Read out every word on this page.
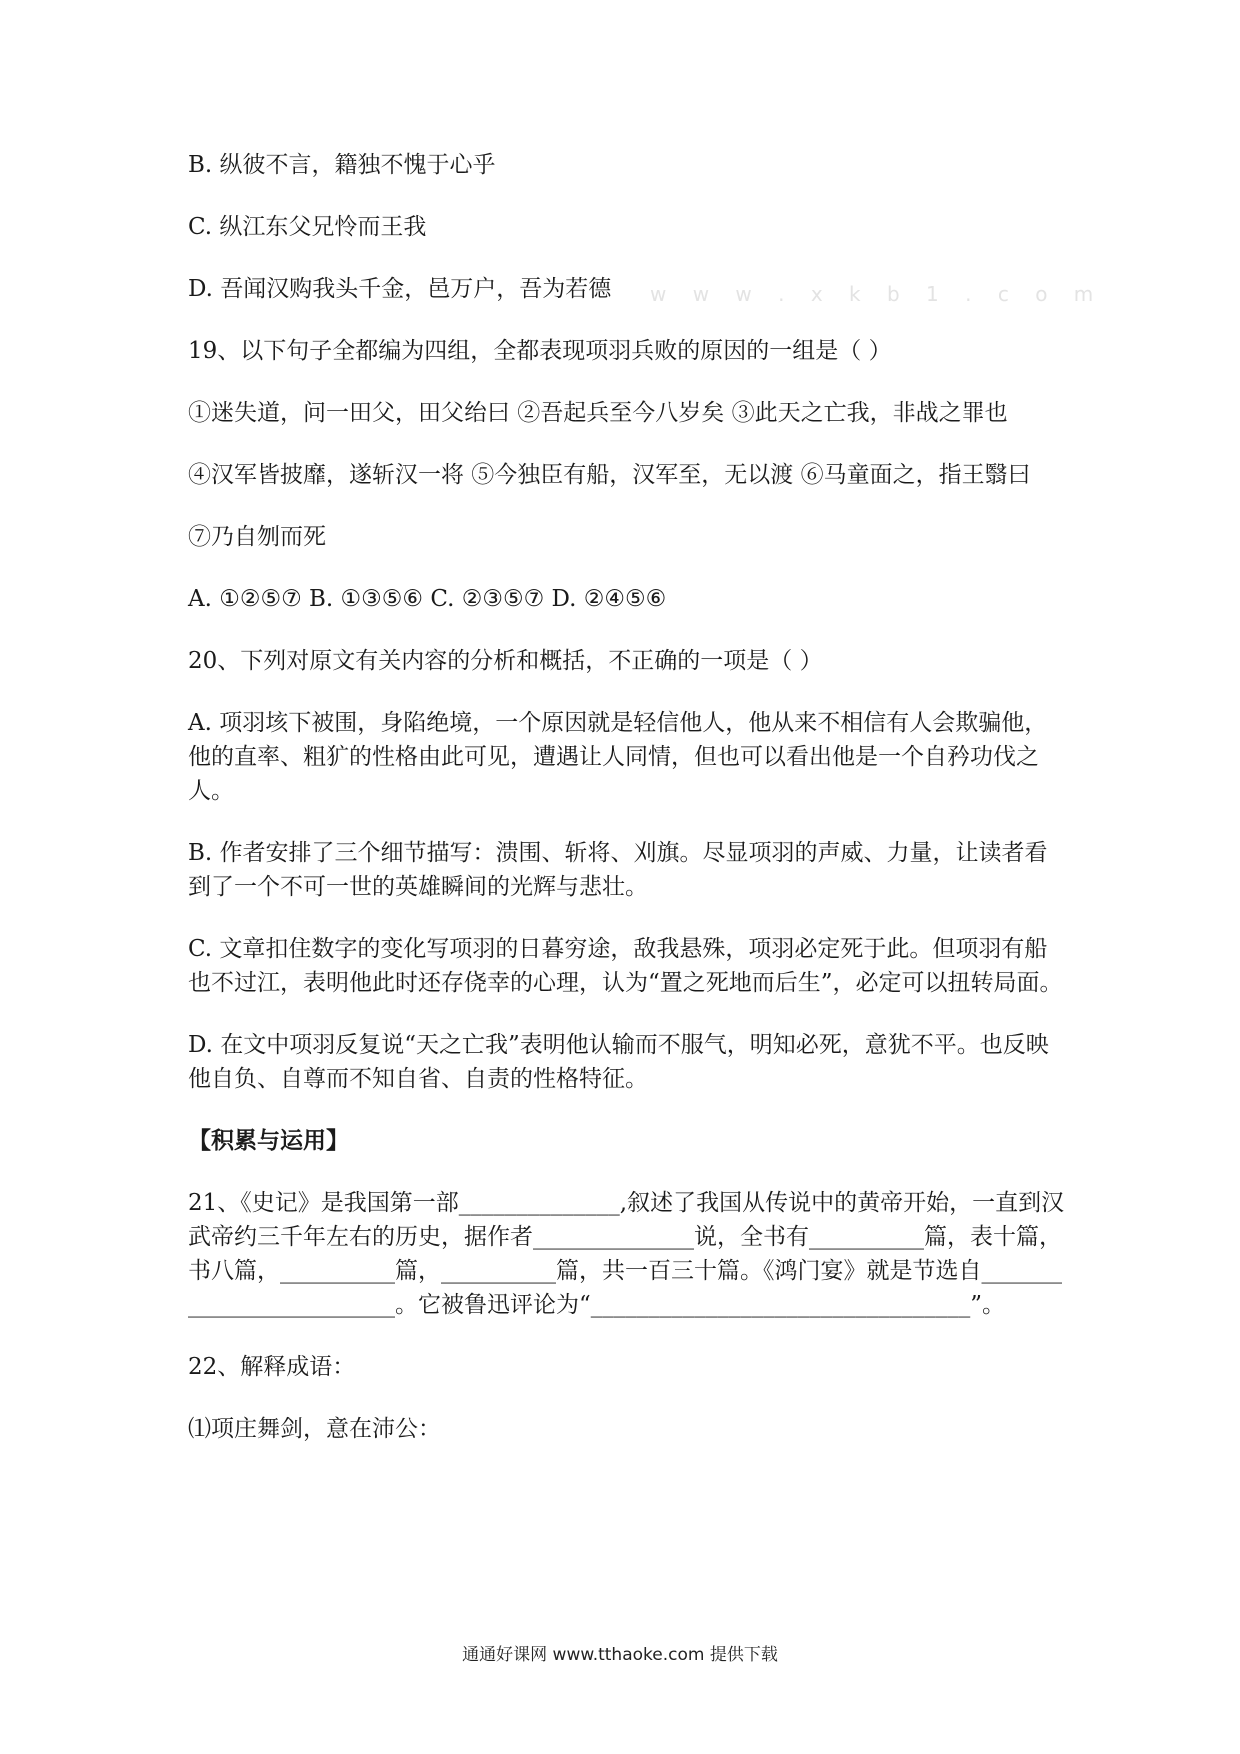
w w w . x k b 1 . c o m

B. 纵彼不言，籍独不愧于心乎

C. 纵江东父兄怜而王我

D. 吾闻汉购我头千金，邑万户，吾为若德

19、以下句子全都编为四组，全都表现项羽兵败的原因的一组是（ ）

①迷失道，问一田父，田父绐曰 ②吾起兵至今八岁矣 ③此天之亡我，非战之罪也

④汉军皆披靡，遂斩汉一将 ⑤今独臣有船，汉军至，无以渡 ⑥马童面之，指王翳曰

⑦乃自刎而死

A. ①②⑤⑦ B. ①③⑤⑥ C. ②③⑤⑦ D. ②④⑤⑥

20、下列对原文有关内容的分析和概括，不正确的一项是（ ）

A. 项羽垓下被围，身陷绝境，一个原因就是轻信他人，他从来不相信有人会欺骗他，他的直率、粗犷的性格由此可见，遭遇让人同情，但也可以看出他是一个自矜功伐之人。

B. 作者安排了三个细节描写：溃围、斩将、刈旗。尽显项羽的声威、力量，让读者看到了一个不可一世的英雄瞬间的光辉与悲壮。

C. 文章扣住数字的变化写项羽的日暮穷途，敌我悬殊，项羽必定死于此。但项羽有船也不过江，表明他此时还存侥幸的心理，认为“置之死地而后生”，必定可以扭转局面。

D. 在文中项羽反复说“天之亡我”表明他认输而不服气，明知必死，意犹不平。也反映他自负、自尊而不知自省、自责的性格特征。

【积累与运用】

21、《史记》是我国第一部______________,叙述了我国从传说中的黄帝开始，一直到汉武帝约三千年左右的历史，据作者______________说，全书有__________篇，表十篇，书八篇，__________篇，__________篇，共一百三十篇。《鸿门宴》就是节选自_________________________。它被鲁迅评论为“_________________________________”。

22、解释成语：

⑴项庄舞剑，意在沛公：

通通好课网 www.tthaoke.com 提供下载
